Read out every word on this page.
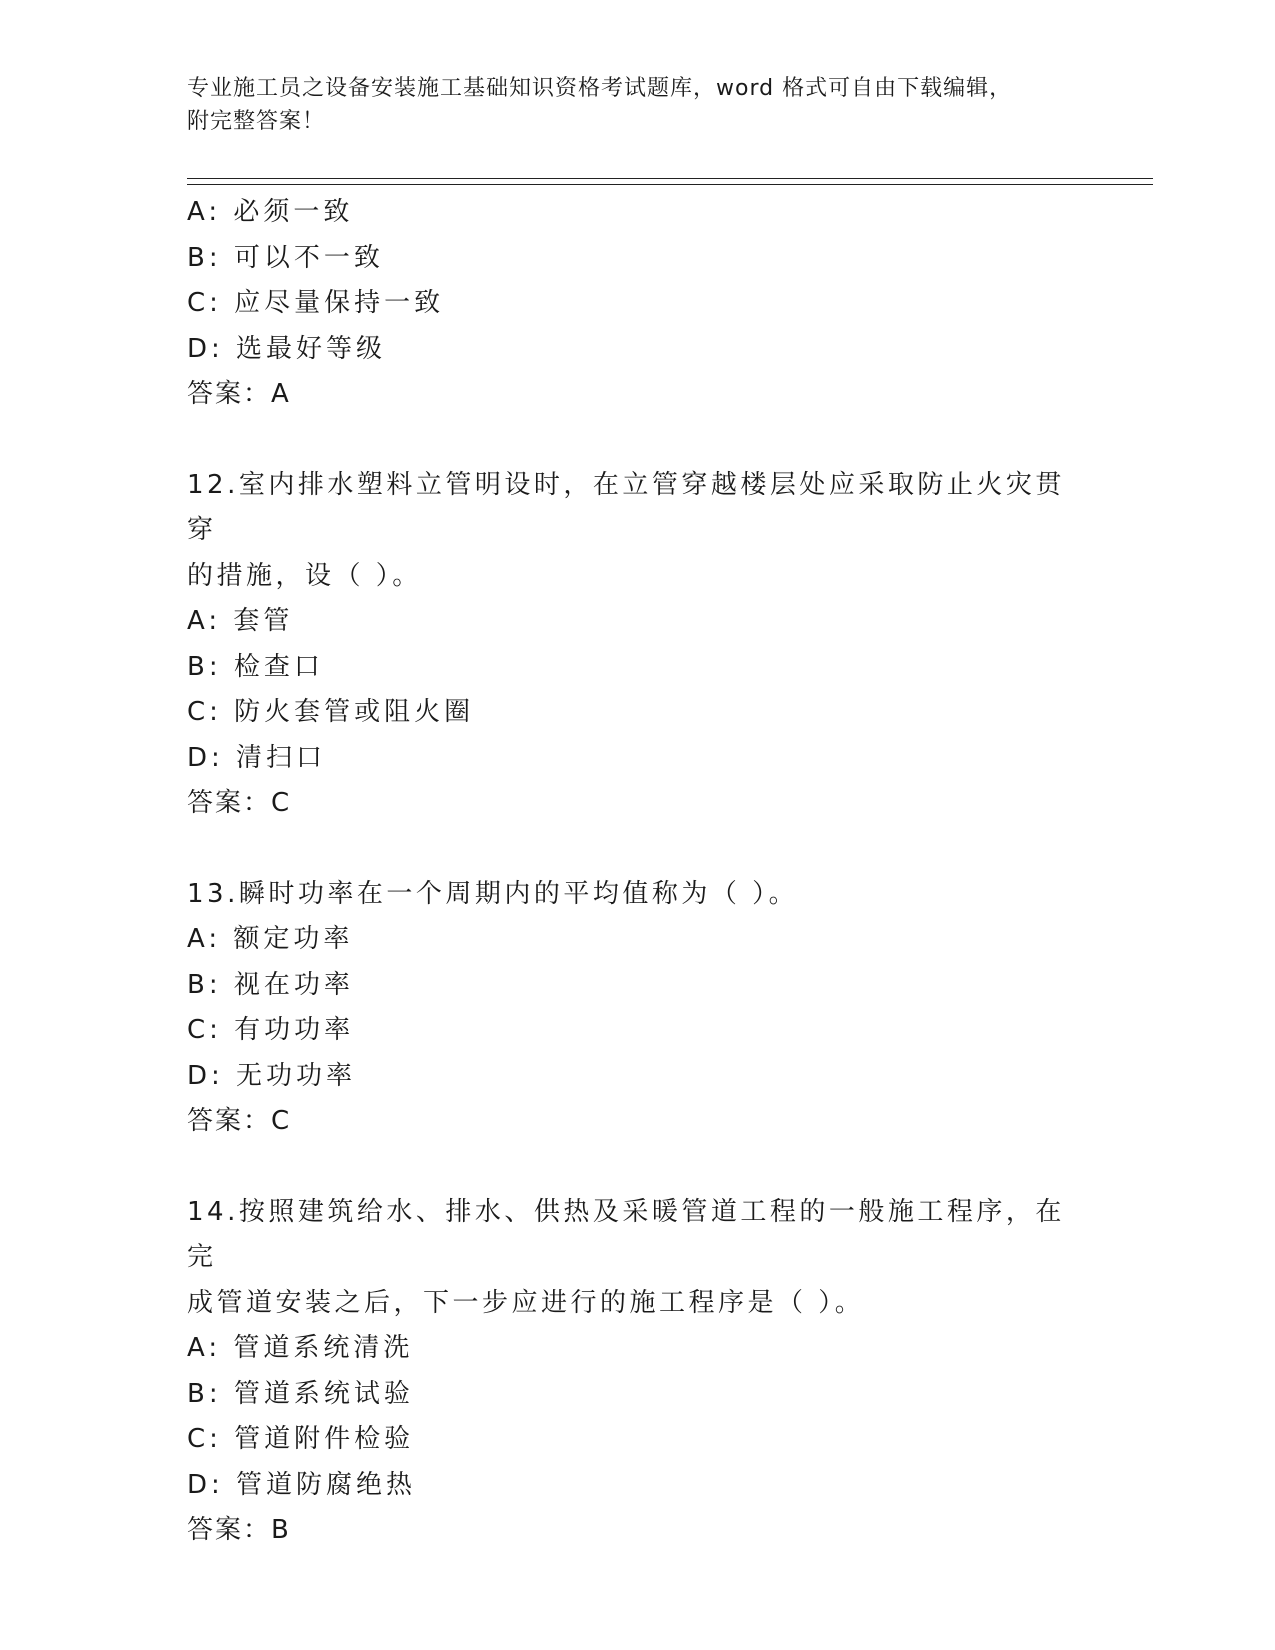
专业施工员之设备安装施工基础知识资格考试题库，word 格式可自由下载编辑，
附完整答案！
A: 必须一致
B: 可以不一致
C: 应尽量保持一致
D: 选最好等级
答案：A
12.室内排水塑料立管明设时，在立管穿越楼层处应采取防止火灾贯穿
的措施，设（ ）。
A: 套管
B: 检查口
C: 防火套管或阻火圈
D: 清扫口
答案：C
13.瞬时功率在一个周期内的平均值称为（ ）。
A: 额定功率
B: 视在功率
C: 有功功率
D: 无功功率
答案：C
14.按照建筑给水、排水、供热及采暖管道工程的一般施工程序，在完
成管道安装之后，下一步应进行的施工程序是（ ）。
A: 管道系统清洗
B: 管道系统试验
C: 管道附件检验
D: 管道防腐绝热
答案：B
